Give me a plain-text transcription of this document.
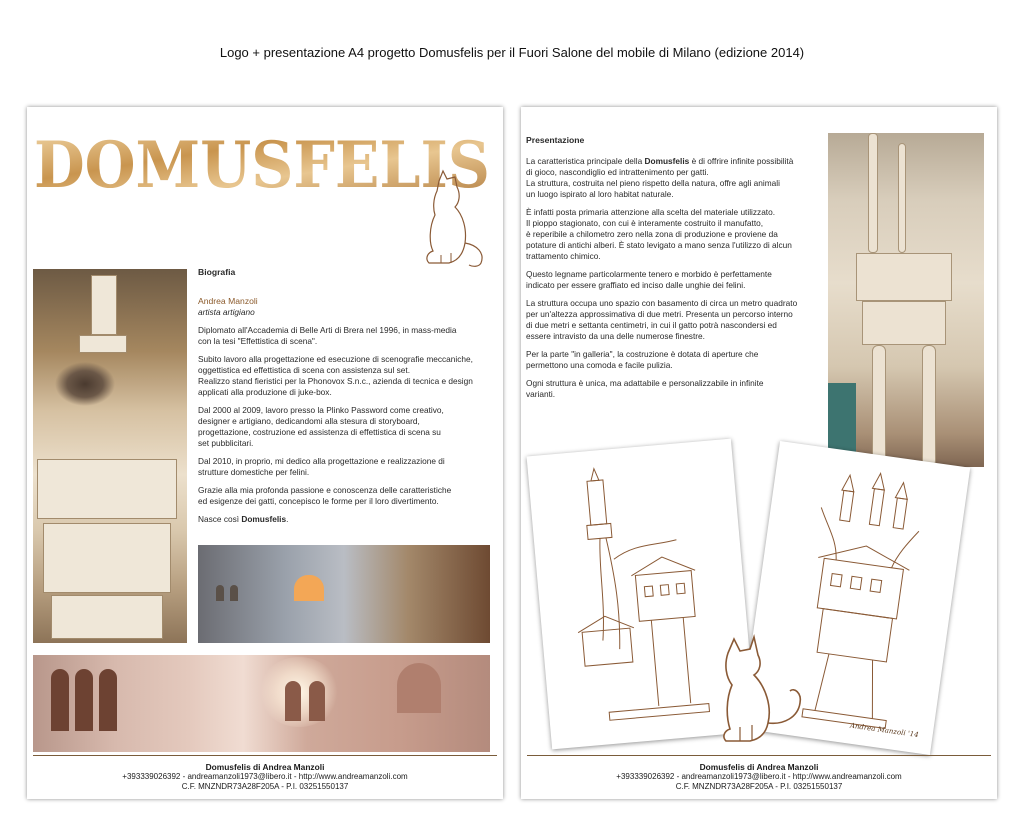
Logo + presentazione A4 progetto Domusfelis per il Fuori Salone del mobile di Milano (edizione 2014)
DOMUSFELIS
Biografia
Andrea Manzoli
artista artigiano

Diplomato all'Accademia di Belle Arti di Brera nel 1996, in mass-media
con la tesi "Effettistica di scena".

Subito lavoro alla progettazione ed esecuzione di scenografie meccaniche,
oggettistica ed effettistica di scena con assistenza sul set.
Realizzo stand fieristici per la Phonovox S.n.c., azienda di tecnica e design
applicati alla produzione di juke-box.

Dal 2000 al 2009, lavoro presso la Plinko Password come creativo,
designer e artigiano, dedicandomi alla stesura di storyboard,
progettazione, costruzione ed assistenza di effettistica di scena su
set pubblicitari.

Dal 2010, in proprio, mi dedico alla progettazione e realizzazione di
strutture domestiche per felini.

Grazie alla mia profonda passione e conoscenza delle caratteristiche
ed esigenze dei gatti, concepisco le forme per il loro divertimento.

Nasce così Domusfelis.

Domusfelis di Andrea Manzoli
+393339026392 - andreamanzoli1973@libero.it - http://www.andreamanzoli.com
C.F. MNZNDR73A28F205A - P.I. 03251550137
Presentazione

La caratteristica principale della Domusfelis è di offrire infinite possibilità
di gioco, nascondiglio ed intrattenimento per gatti.
La struttura, costruita nel pieno rispetto della natura, offre agli animali
un luogo ispirato al loro habitat naturale.

È infatti posta primaria attenzione alla scelta del materiale utilizzato.
Il pioppo stagionato, con cui è interamente costruito il manufatto,
è reperibile a chilometro zero nella zona di produzione e proviene da
potature di antichi alberi. È stato levigato a mano senza l'utilizzo di alcun
trattamento chimico.

Questo legname particolarmente tenero e morbido è perfettamente
indicato per essere graffiato ed inciso dalle unghie dei felini.

La struttura occupa uno spazio con basamento di circa un metro quadrato
per un'altezza approssimativa di due metri. Presenta un percorso interno
di due metri e settanta centimetri, in cui il gatto potrà nascondersi ed
essere intravisto da una delle numerose finestre.

Per la parte "in galleria", la costruzione è dotata di aperture che
permettono una comoda e facile pulizia.

Ogni struttura è unica, ma adattabile e personalizzabile in infinite
varianti.

Andrea Manzoli '14
Domusfelis di Andrea Manzoli
+393339026392 - andreamanzoli1973@libero.it - http://www.andreamanzoli.com
C.F. MNZNDR73A28F205A - P.I. 03251550137
